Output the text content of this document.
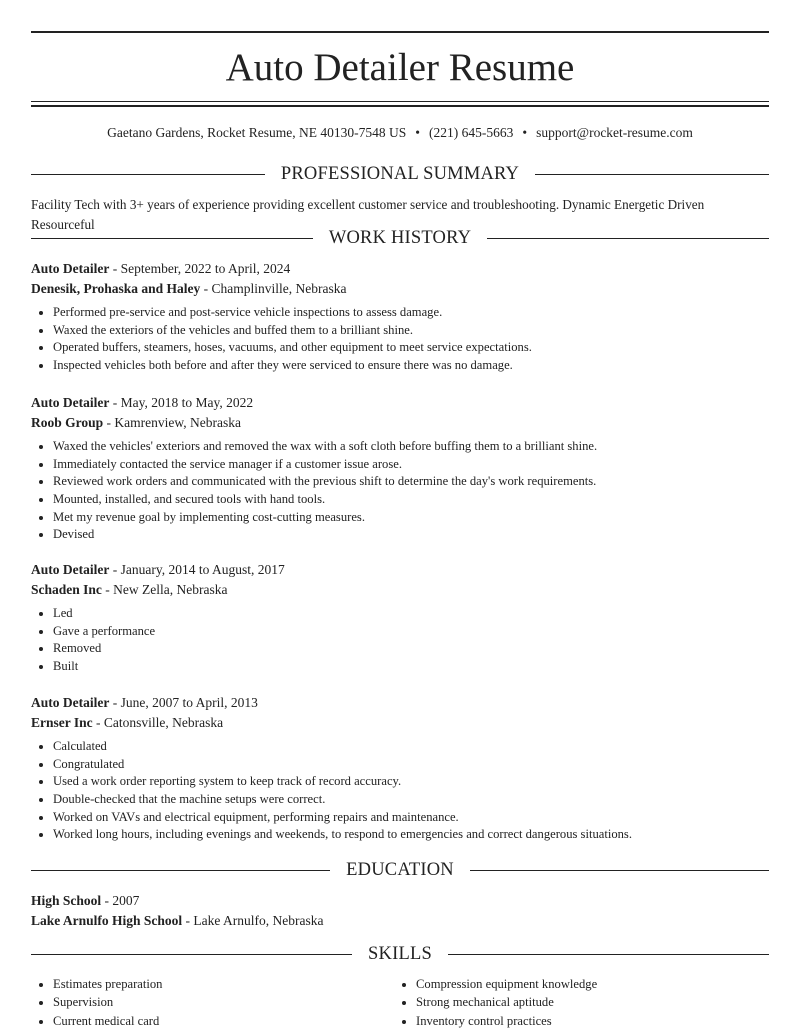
Auto Detailer Resume
Gaetano Gardens, Rocket Resume, NE 40130-7548 US • (221) 645-5663 • support@rocket-resume.com
PROFESSIONAL SUMMARY
Facility Tech with 3+ years of experience providing excellent customer service and troubleshooting. Dynamic Energetic Driven Resourceful
WORK HISTORY
Auto Detailer - September, 2022 to April, 2024
Denesik, Prohaska and Haley - Champlinville, Nebraska
• Performed pre-service and post-service vehicle inspections to assess damage.
• Waxed the exteriors of the vehicles and buffed them to a brilliant shine.
• Operated buffers, steamers, hoses, vacuums, and other equipment to meet service expectations.
• Inspected vehicles both before and after they were serviced to ensure there was no damage.
Auto Detailer - May, 2018 to May, 2022
Roob Group - Kamrenview, Nebraska
• Waxed the vehicles' exteriors and removed the wax with a soft cloth before buffing them to a brilliant shine.
• Immediately contacted the service manager if a customer issue arose.
• Reviewed work orders and communicated with the previous shift to determine the day's work requirements.
• Mounted, installed, and secured tools with hand tools.
• Met my revenue goal by implementing cost-cutting measures.
• Devised
Auto Detailer - January, 2014 to August, 2017
Schaden Inc - New Zella, Nebraska
• Led
• Gave a performance
• Removed
• Built
Auto Detailer - June, 2007 to April, 2013
Ernser Inc - Catonsville, Nebraska
• Calculated
• Congratulated
• Used a work order reporting system to keep track of record accuracy.
• Double-checked that the machine setups were correct.
• Worked on VAVs and electrical equipment, performing repairs and maintenance.
• Worked long hours, including evenings and weekends, to respond to emergencies and correct dangerous situations.
EDUCATION
High School - 2007
Lake Arnulfo High School - Lake Arnulfo, Nebraska
SKILLS
• Estimates preparation
• Supervision
• Current medical card
• Compression equipment knowledge
• Strong mechanical aptitude
• Inventory control practices
